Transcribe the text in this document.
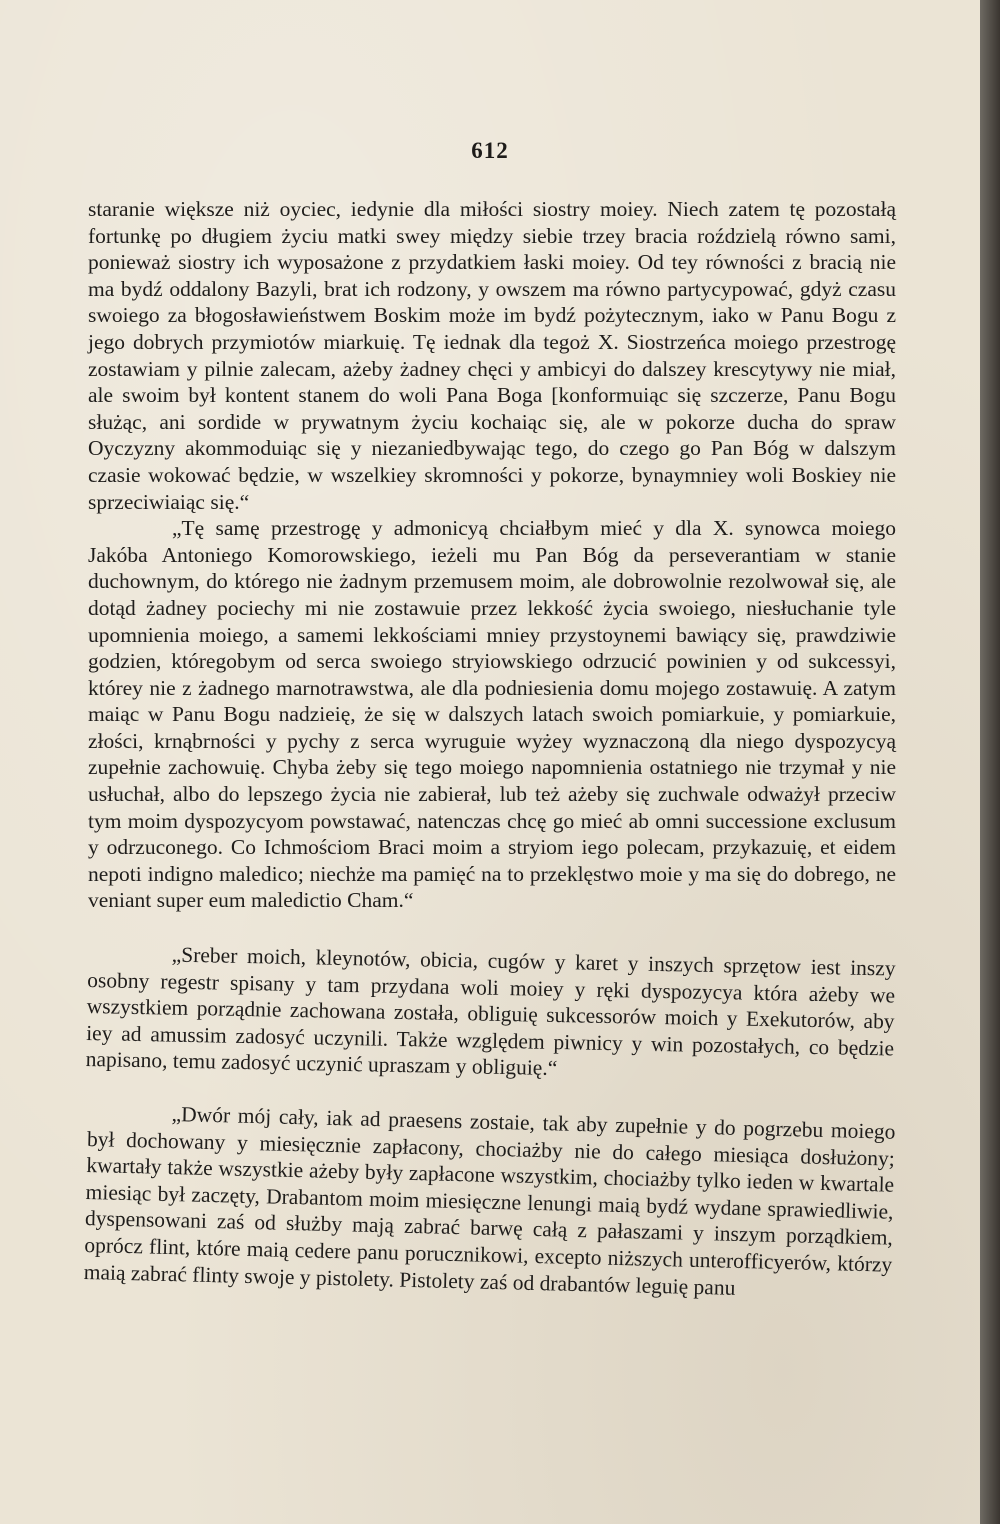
612

staranie większe niż oyciec, iedynie dla miłości siostry moiey. Niech zatem tę pozostałą fortunkę po długiem życiu matki swey między siebie trzey bracia roździelą równo sami, ponieważ siostry ich wyposażone z przydatkiem łaski moiey. Od tey równości z bracią nie ma bydź oddalony Bazyli, brat ich rodzony, y owszem ma równo partycypować, gdyż czasu swoiego za błogosławieństwem Boskim może im bydź pożytecznym, iako w Panu Bogu z jego dobrych przymiotów miarkuię. Tę iednak dla tegoż X. Siostrzeńca moiego przestrogę zostawiam y pilnie zalecam, ażeby żadney chęci y ambicyi do dalszey krescytywy nie miał, ale swoim był kontent stanem do woli Pana Boga [konformuiąc się szczerze, Panu Bogu służąc, ani sordide w prywatnym życiu kochaiąc się, ale w pokorze ducha do spraw Oyczyzny akommoduiąc się y niezaniedbywając tego, do czego go Pan Bóg w dalszym czasie wokować będzie, w wszelkiey skromności y pokorze, bynaymniey woli Boskiey nie sprzeciwiaiąc się.“

„Tę samę przestrogę y admonicyą chciałbym mieć y dla X. synowca moiego Jakóba Antoniego Komorowskiego, ieżeli mu Pan Bóg da perseverantiam w stanie duchownym, do którego nie żadnym przemusem moim, ale dobrowolnie rezolwował się, ale dotąd żadney pociechy mi nie zostawuie przez lekkość życia swoiego, niesłuchanie tyle upomnienia moiego, a samemi lekkościami mniey przystoynemi bawiący się, prawdziwie godzien, któregobym od serca swoiego stryiowskiego odrzucić powinien y od sukcessyi, którey nie z żadnego marnotrawstwa, ale dla podniesienia domu mojego zostawuię. A zatym maiąc w Panu Bogu nadzieię, że się w dalszych latach swoich pomiarkuie, y pomiarkuie, złości, krnąbrności y pychy z serca wyruguie wyżey wyznaczoną dla niego dyspozycyą zupełnie zachowuię. Chyba żeby się tego moiego napomnienia ostatniego nie trzymał y nie usłuchał, albo do lepszego życia nie zabierał, lub też ażeby się zuchwale odważył przeciw tym moim dyspozycyom powstawać, natenczas chcę go mieć ab omni successione exclusum y odrzuconego. Co Ichmościom Braci moim a stryiom iego polecam, przykazuię, et eidem nepoti indigno maledico; niechże ma pamięć na to przeklęstwo moie y ma się do dobrego, ne veniant super eum maledictio Cham.“

„Sreber moich, kleynotów, obicia, cugów y karet y inszych sprzętow iest inszy osobny regestr spisany y tam przydana woli moiey y ręki dyspozycya która ażeby we wszystkiem porządnie zachowana została, obliguię sukcessorów moich y Exekutorów, aby iey ad amussim zadosyć uczynili. Także względem piwnicy y win pozostałych, co będzie napisano, temu zadosyć uczynić upraszam y obliguię.“

„Dwór mój cały, iak ad praesens zostaie, tak aby zupełnie y do pogrzebu moiego był dochowany y miesięcznie zapłacony, chociażby nie do całego miesiąca dosłużony; kwartały także wszystkie ażeby były zapłacone wszystkim, chociażby tylko ieden w kwartale miesiąc był zaczęty, Drabantom moim miesięczne lenungi maią bydź wydane sprawiedliwie, dyspensowani zaś od służby mają zabrać barwę całą z pałaszami y inszym porządkiem, oprócz flint, które maią cedere panu porucznikowi, excepto niższych unterofficyerów, którzy maią zabrać flinty swoje y pistolety. Pistolety zaś od drabantów leguię panu
